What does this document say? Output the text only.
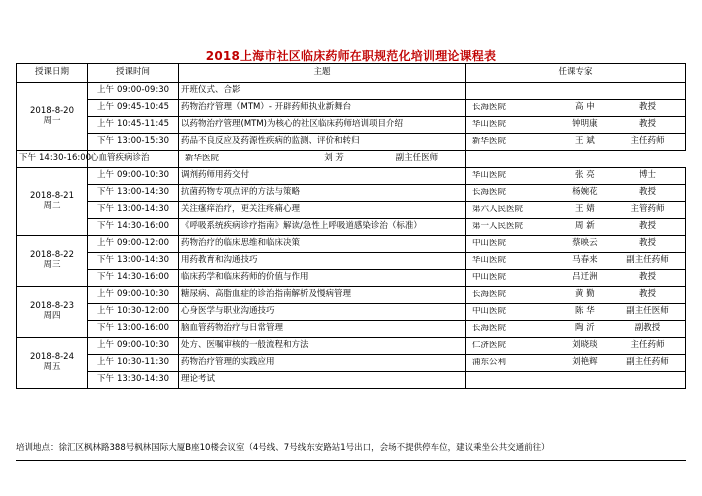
2018上海市社区临床药师在职规范化培训理论课程表
授课日期	授课时间	主题	任课专家
2018-8-20
周一	上午 09:00-09:30	开班仪式、合影	

	上午 09:45-10:45	药物治疗管理（MTM）- 开辟药师执业新舞台	长海医院 高 申 教授

	上午 10:45-11:45	以药物治疗管理(MTM)为核心的社区临床药师培训项目介绍	华山医院 钟明康 教授

	下午 13:00-15:30	药品不良反应及药源性疾病的监测、评价和转归	新华医院 王 斌 主任药师

下午 14:30-16:00	心血管疾病诊治	新华医院 刘 芳 副主任医师	

2018-8-21
周二	上午 09:00-10:30	调剂药师用药交付	华山医院 张 亮 博士

	下午 13:00-14:30	抗菌药物专项点评的方法与策略	长海医院 杨婉花 教授

	下午 13:00-14:30	关注瘙痒治疗，更关注疼痛心理	第六人民医院 王 婧 主管药师

	下午 14:30-16:00	《呼吸系统疾病诊疗指南》解读/急性上呼吸道感染诊治（标准）	第一人民医院 周 新 教授

2018-8-22
周三	上午 09:00-12:00	药物治疗的临床思维和临床决策	中山医院 蔡映云 教授

	下午 13:00-14:30	用药教育和沟通技巧	华山医院 马春来 副主任药师

	下午 14:30-16:00	临床药学和临床药师的价值与作用	中山医院 吕迁洲 教授

2018-8-23
周四	上午 09:00-10:30	糖尿病、高脂血症的诊治指南解析及慢病管理	长海医院 黄 勤 教授

	上午 10:30-12:00	心身医学与职业沟通技巧	中山医院 陈 华 副主任医师

	下午 13:00-16:00	脑血管药物治疗与日常管理	长海医院 陶 沂 副教授

2018-8-24
周五	上午 09:00-10:30	处方、医嘱审核的一般流程和方法	仁济医院 刘晓琰 主任药师

	上午 10:30-11:30	药物治疗管理的实践应用	浦东公利 刘艳辉 副主任药师

	下午 13:30-14:30	理论考试	
培训地点：徐汇区枫林路388号枫林国际大厦B座10楼会议室（4号线、7号线东安路站1号出口，会场不提供停车位，建议乘坐公共交通前往）
